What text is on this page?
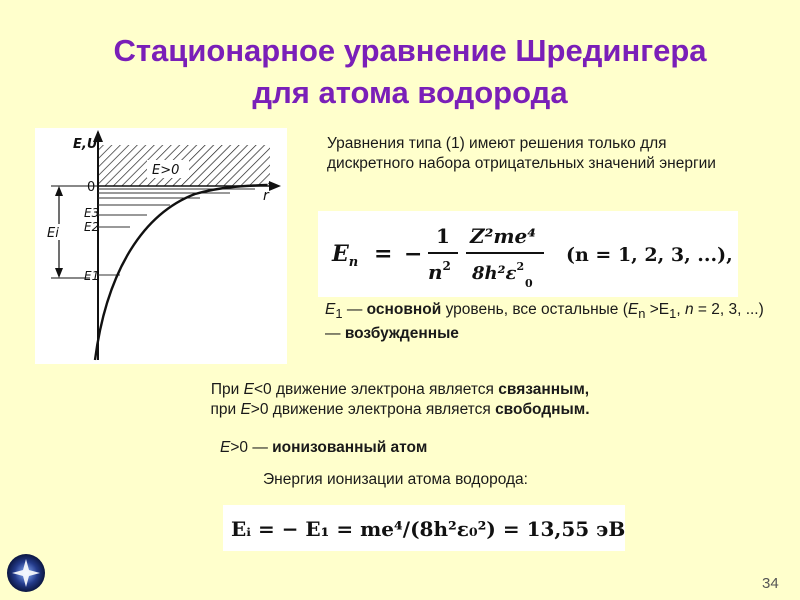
Стационарное уравнение Шредингера
для атома водорода
E>0
E,U
r
0
E3
E2
E1
Ei

Уравнения типа (1) имеют решения только для дискретного набора отрицательных значений энергии

$E_n$ = −
1
$n^2$
Z²me⁴
$8h^2\varepsilon^2$
0
(n = 1, 2, 3, ...),

$E_1$ — основной уровень, все остальные ($E_n >E_1$, n = 2, 3, ...) — возбужденные

При E<0 движение электрона является связанным,
при E>0 движение электрона является свободным.

E>0 — ионизованный атом

Энергия ионизации атома водорода:

Eᵢ = − E₁ = me⁴/(8h²ε₀²) = 13,55 эВ.
34
